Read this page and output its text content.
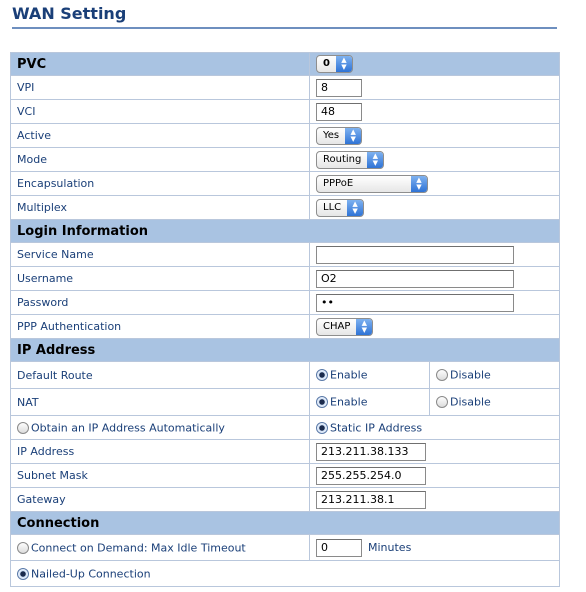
WAN Setting
PVC	0 ▲
▼	

VPI	8	
VCI	48	
Active	Yes ▲
▼	

Mode	Routing ▲
▼	

Encapsulation	PPPoE ▲
▼	

Multiplex	LLC ▲
▼	

Login Information		
Service Name		
Username	O2	
Password	••	
PPP Authentication	CHAP ▲
▼	

IP Address		
Default Route	Enable	Disable
NAT	Enable	Disable
Obtain an IP Address Automatically	Static IP Address	
IP Address	213.211.38.133	
Subnet Mask	255.255.254.0	
Gateway	213.211.38.1	
Connection		
Connect on Demand: Max Idle Timeout	0 Minutes	
Nailed-Up Connection		
